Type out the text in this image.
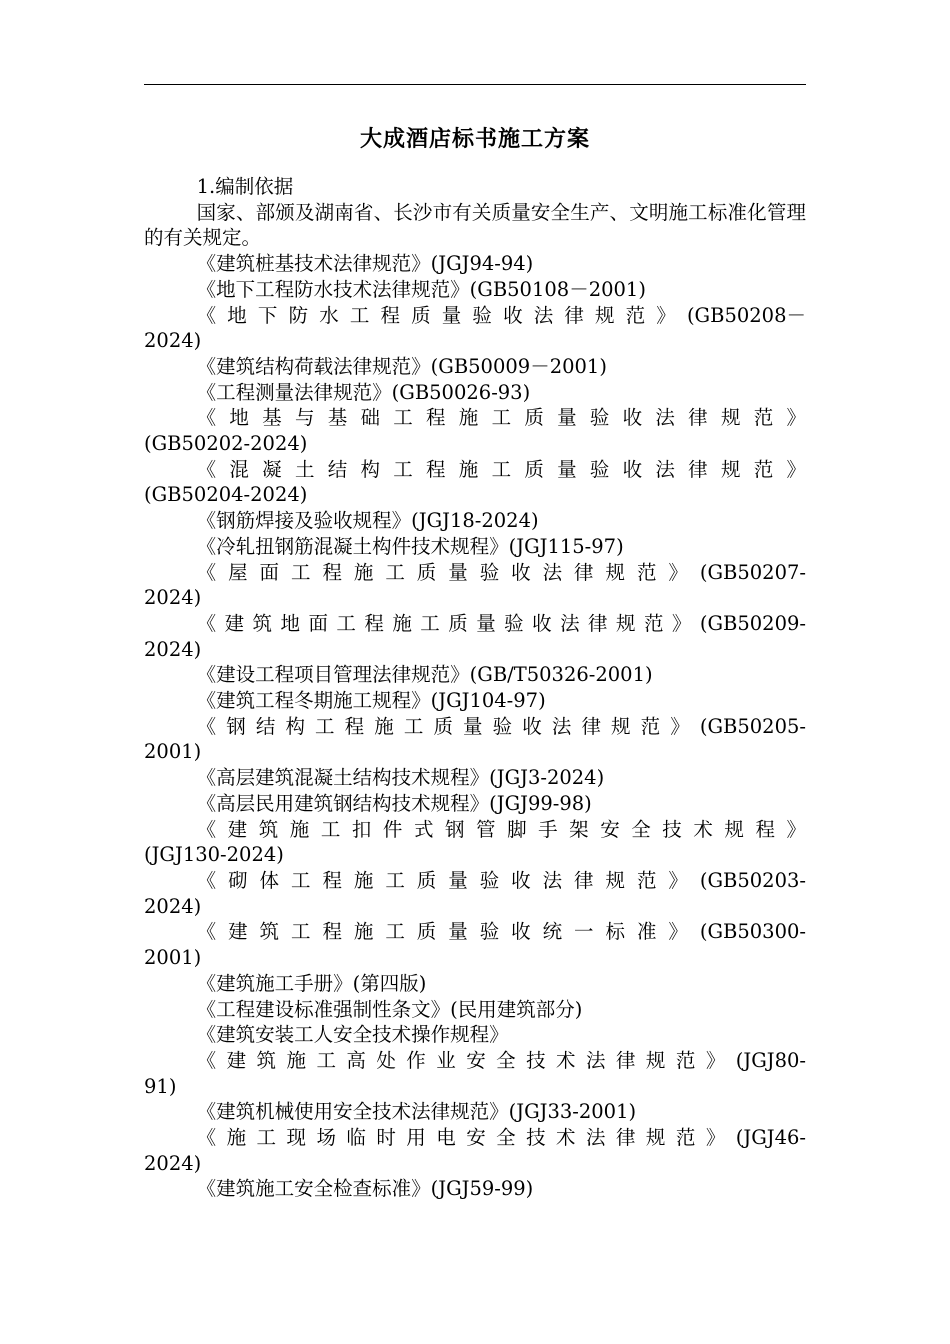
大成酒店标书施工方案

1.编制依据

国家、部颁及湖南省、长沙市有关质量安全生产、文明施工标准化管理的有关规定。

《建筑桩基技术法律规范》(JGJ94-94)

《地下工程防水技术法律规范》(GB50108－2001)

《地下防水工程质量验收法律规范》(GB50208－

2024)

《建筑结构荷载法律规范》(GB50009－2001)

《工程测量法律规范》(GB50026-93)

《地基与基础工程施工质量验收法律规范》

(GB50202-2024)

《混凝土结构工程施工质量验收法律规范》

(GB50204-2024)

《钢筋焊接及验收规程》(JGJ18-2024)

《冷轧扭钢筋混凝土构件技术规程》(JGJ115-97)

《屋面工程施工质量验收法律规范》(GB50207-

2024)

《建筑地面工程施工质量验收法律规范》(GB50209-

2024)

《建设工程项目管理法律规范》(GB/T50326-2001)

《建筑工程冬期施工规程》(JGJ104-97)

《钢结构工程施工质量验收法律规范》(GB50205-

2001)

《高层建筑混凝土结构技术规程》(JGJ3-2024)

《高层民用建筑钢结构技术规程》(JGJ99-98)

《建筑施工扣件式钢管脚手架安全技术规程》

(JGJ130-2024)

《砌体工程施工质量验收法律规范》(GB50203-

2024)

《建筑工程施工质量验收统一标准》(GB50300-

2001)

《建筑施工手册》(第四版)

《工程建设标准强制性条文》(民用建筑部分)

《建筑安装工人安全技术操作规程》

《建筑施工高处作业安全技术法律规范》(JGJ80-

91)

《建筑机械使用安全技术法律规范》(JGJ33-2001)

《施工现场临时用电安全技术法律规范》(JGJ46-

2024)

《建筑施工安全检查标准》(JGJ59-99)
